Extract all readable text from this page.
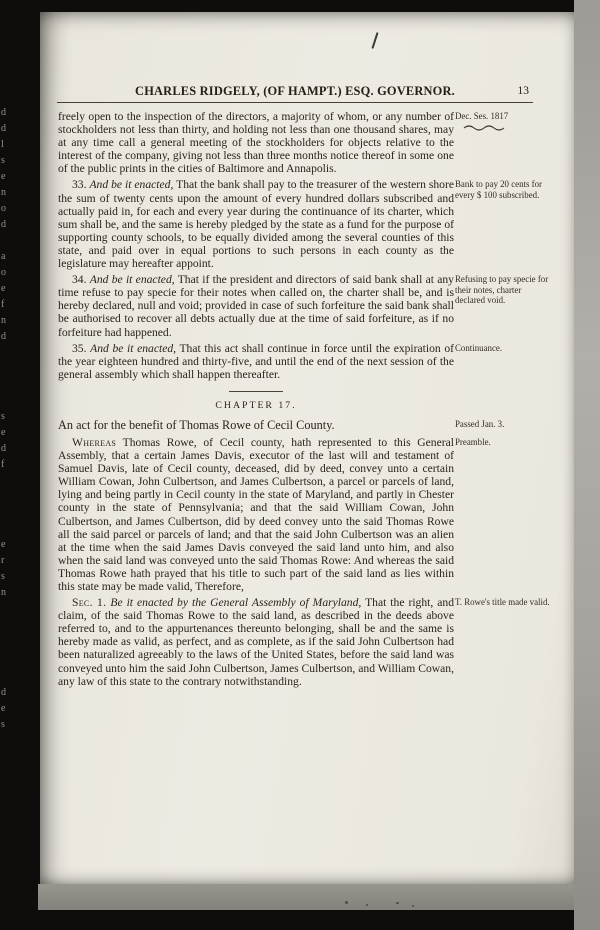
d
d
l
s
e
n
o
d
a
o
e
f
n
d
s
e
d
f
e
r
s
n
d
e
s
CHARLES RIDGELY, (OF HAMPT.) ESQ. GOVERNOR.	13

freely open to the inspection of the directors, a majority of whom, or any number of stockholders not less than thirty, and holding not less than one thousand shares, may at any time call a general meeting of the stockholders for objects relative to the interest of the company, giving not less than three months notice thereof in some one of the public prints in the cities of Baltimore and Annapolis.
Dec. Ses. 1817

33. And be it enacted, That the bank shall pay to the treasurer of the western shore the sum of twenty cents upon the amount of every hundred dollars subscribed and actually paid in, for each and every year during the continuance of its charter, which sum shall be, and the same is hereby pledged by the state as a fund for the purpose of supporting county schools, to be equally divided among the several counties of this state, and paid over in equal portions to such persons in each county as the legislature may hereafter appoint.
Bank to pay 20 cents for every $ 100 subscribed.

34. And be it enacted, That if the president and directors of said bank shall at any time refuse to pay specie for their notes when called on, the charter shall be, and is hereby declared, null and void; provided in case of such forfeiture the said bank shall be authorised to recover all debts actually due at the time of said forfeiture, as if no forfeiture had happened.
Refusing to pay specie for their notes, charter declared void.

35. And be it enacted, That this act shall continue in force until the expiration of the year eighteen hundred and thirty-five, and until the end of the next session of the general assembly which shall happen thereafter.
Continuance.

CHAPTER 17.

An act for the benefit of Thomas Rowe of Cecil County.	Passed Jan. 3.

Whereas Thomas Rowe, of Cecil county, hath represented to this General Assembly, that a certain James Davis, executor of the last will and testament of Samuel Davis, late of Cecil county, deceased, did by deed, convey unto a certain William Cowan, John Culbertson, and James Culbertson, a parcel or parcels of land, lying and being partly in Cecil county in the state of Maryland, and partly in Chester county in the state of Pennsylvania; and that the said William Cowan, John Culbertson, and James Culbertson, did by deed convey unto the said Thomas Rowe all the said parcel or parcels of land; and that the said John Culbertson was an alien at the time when the said James Davis conveyed the said land unto him, and also when the said land was conveyed unto the said Thomas Rowe: And whereas the said Thomas Rowe hath prayed that his title to such part of the said land as lies within this state may be made valid, Therefore,
Preamble.

Sec. 1. Be it enacted by the General Assembly of Maryland, That the right, and claim, of the said Thomas Rowe to the said land, as described in the deeds above referred to, and to the appurtenances thereunto belonging, shall be and the same is hereby made as valid, as perfect, and as complete, as if the said John Culbertson had been naturalized agreeably to the laws of the United States, before the said land was conveyed unto him the said John Culbertson, James Culbertson, and William Cowan, any law of this state to the contrary notwithstanding.
T. Rowe's title made valid.
